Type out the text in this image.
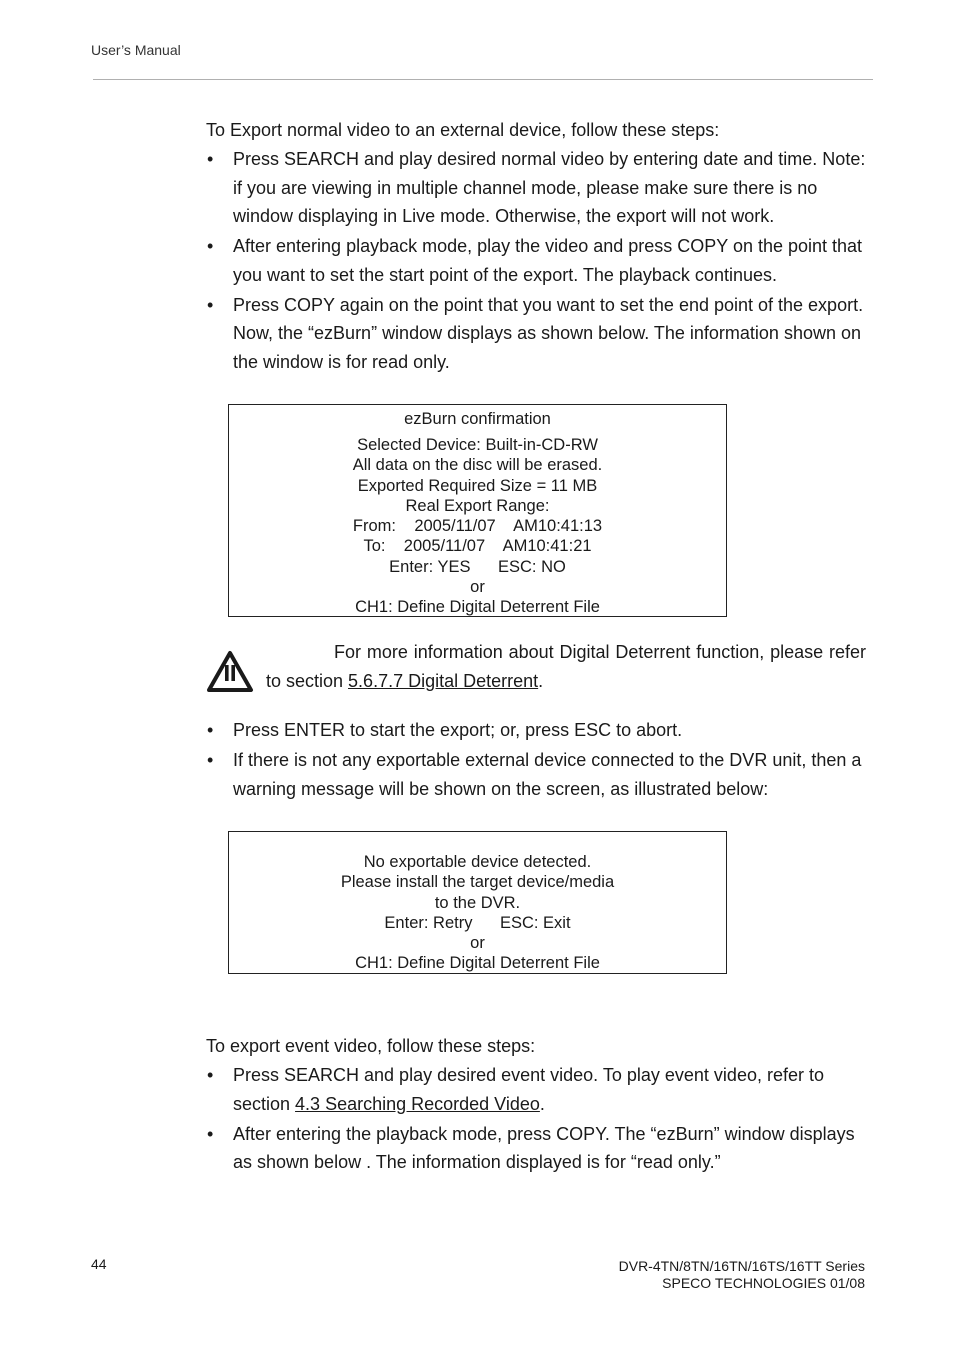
User’s Manual

To Export normal video to an external device, follow these steps:

• Press SEARCH and play desired normal video by entering date and time. Note: if you are viewing in multiple channel mode, please make sure there is no window displaying in Live mode. Otherwise, the export will not work.
• After entering playback mode, play the video and press COPY on the point that you want to set the start point of the export. The playback continues.
• Press COPY again on the point that you want to set the end point of the export. Now, the “ezBurn” window displays as shown below. The information shown on the window is for read only.
ezBurn confirmation
Selected Device: Built-in-CD-RW
All data on the disc will be erased.
Exported Required Size = 11 MB
Real Export Range:
From:    2005/11/07    AM10:41:13
To:    2005/11/07    AM10:41:21
Enter: YES      ESC: NO
or
CH1: Define Digital Deterrent File
For more information about Digital Deterrent function, please refer to section 5.6.7.7 Digital Deterrent.
• Press ENTER to start the export; or, press ESC to abort.
• If there is not any exportable external device connected to the DVR unit, then a warning message will be shown on the screen, as illustrated below:
No exportable device detected.
Please install the target device/media
to the DVR.
Enter: Retry      ESC: Exit
or
CH1: Define Digital Deterrent File

To export event video, follow these steps:

• Press SEARCH and play desired event video. To play event video, refer to section 4.3 Searching Recorded Video.
• After entering the playback mode, press COPY. The “ezBurn” window displays as shown below . The information displayed is for “read only.”
44	DVR-4TN/8TN/16TN/16TS/16TT Series
SPECO TECHNOLOGIES 01/08
